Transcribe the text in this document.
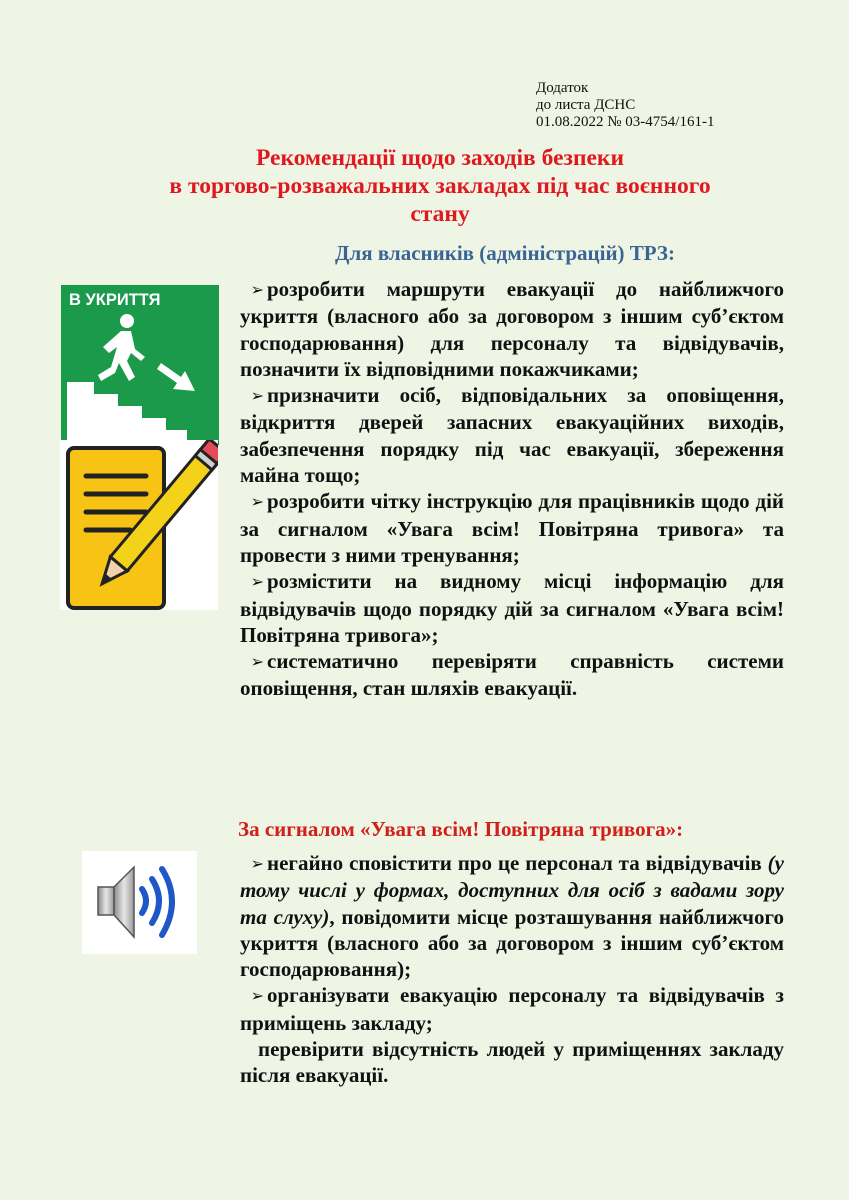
Додаток
до листа ДСНС
01.08.2022 № 03-4754/161-1
Рекомендації щодо заходів безпеки
в торгово-розважальних закладах під час воєнного
стану
Для власників (адміністрацій) ТРЗ:
В УКРИТТЯ

➢ розробити маршрути евакуації до найближчого укриття (власного або за договором з іншим суб’єктом господарювання) для персоналу та відвідувачів, позначити їх відповідними покажчиками;

➢ призначити осіб, відповідальних за оповіщення, відкриття дверей запасних евакуаційних виходів, забезпечення порядку під час евакуації, збереження майна тощо;

➢ розробити чітку інструкцію для працівників щодо дій за сигналом «Увага всім! Повітряна тривога» та провести з ними тренування;

➢ розмістити на видному місці інформацію для відвідувачів щодо порядку дій за сигналом «Увага всім! Повітряна тривога»;

➢ систематично перевіряти справність системи оповіщення, стан шляхів евакуації.

За сигналом «Увага всім! Повітряна тривога»:

➢ негайно сповістити про це персонал та відвідувачів (у тому числі у формах, доступних для осіб з вадами зору та слуху), повідомити місце розташування найближчого укриття (власного або за договором з іншим суб’єктом господарювання);

➢ організувати евакуацію персоналу та відвідувачів з приміщень закладу;

перевірити відсутність людей у приміщеннях закладу після евакуації.
